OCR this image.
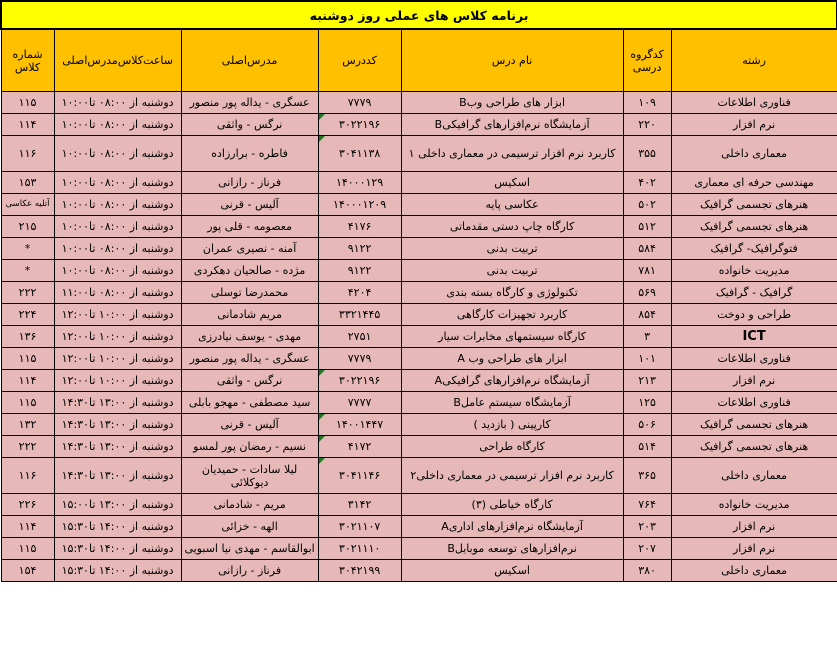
برنامه کلاس های عملی روز دوشنبه						
رشته	کدگروه درسی	نام درس	کددرس	مدرس‌اصلی	ساعت‌کلاس‌مدرس‌اصلی	شماره کلاس
فناوری اطلاعات	۱۰۹	ابزار های طراحی وبB	۷۷۷۹	عسگری - یداله پور منصور	دوشنبه از ۰۸:۰۰ تا۱۰:۰۰	۱۱۵
نرم افزار	۲۲۰	آزمایشگاه نرم‌افزارهای گرافیکیB	۳۰۲۲۱۹۶	نرگس - واثقی	دوشنبه از ۰۸:۰۰ تا۱۰:۰۰	۱۱۴
معماری داخلی	۳۵۵	کاربرد نرم افزار ترسیمی در معماری داخلی ۱	۳۰۴۱۱۳۸	فاطره - برارزاده	دوشنبه از ۰۸:۰۰ تا۱۰:۰۰	۱۱۶
مهندسی حرفه ای معماری	۴۰۲	اسکیس	۱۴۰۰۰۱۲۹	فرناز - رازانی	دوشنبه از ۰۸:۰۰ تا۱۰:۰۰	۱۵۳
هنرهای تجسمی گرافیک	۵۰۲	عکاسی پایه	۱۴۰۰۰۱۲۰۹	آلیس - قرنی	دوشنبه از ۰۸:۰۰ تا۱۰:۰۰	آتلیه عکاسی
هنرهای تجسمی گرافیک	۵۱۲	کارگاه چاپ دستی مقدماتی	۴۱۷۶	معصومه - قلی پور	دوشنبه از ۰۸:۰۰ تا۱۰:۰۰	۲۱۵
فتوگرافیک- گرافیک	۵۸۴	تربیت بدنی	۹۱۲۲	آمنه - نصیری عمران	دوشنبه از ۰۸:۰۰ تا۱۰:۰۰	*
مدیریت خانواده	۷۸۱	تربیت بدنی	۹۱۲۲	مژده - صالحیان دهکردی	دوشنبه از ۰۸:۰۰ تا۱۰:۰۰	*
گرافیک - گرافیک	۵۶۹	تکنولوژی و کارگاه بسته بندی	۴۲۰۴	محمدرضا توسلی	دوشنبه از ۰۸:۰۰ تا۱۱:۰۰	۲۲۲
طراحی و دوخت	۸۵۴	کاربرد تجهیزات کارگاهی	۳۳۲۱۴۴۵	مریم شادمانی	دوشنبه از ۱۰:۰۰ تا۱۲:۰۰	۲۲۴
ICT	۳	کارگاه سیستمهای مخابرات سیار	۲۷۵۱	مهدی - یوسف نیادرزی	دوشنبه از ۱۰:۰۰ تا۱۲:۰۰	۱۳۶
فناوری اطلاعات	۱۰۱	ابزار های طراحی وب A	۷۷۷۹	عسگری - یداله پور منصور	دوشنبه از ۱۰:۰۰ تا۱۲:۰۰	۱۱۵
نرم افزار	۲۱۳	آزمایشگاه نرم‌افزارهای گرافیکیA	۳۰۲۲۱۹۶	نرگس - واثقی	دوشنبه از ۱۰:۰۰ تا۱۲:۰۰	۱۱۴
فناوری اطلاعات	۱۲۵	آزمایشگاه سیستم عاملB	۷۷۷۷	سید مصطفی - مهجو بابلی	دوشنبه از ۱۳:۰۰ تا۱۴:۳۰	۱۱۵
هنرهای تجسمی گرافیک	۵۰۶	کارپینی ( بازدید )	۱۴۰۰۱۴۴۷	آلیس - قرنی	دوشنبه از ۱۳:۰۰ تا۱۴:۳۰	۱۳۲
هنرهای تجسمی گرافیک	۵۱۴	کارگاه طراحی	۴۱۷۲	نسیم - رمضان پور لمسو	دوشنبه از ۱۳:۰۰ تا۱۴:۳۰	۲۲۲
معماری داخلی	۳۶۵	کاربرد نرم افزار ترسیمی در معماری داخلی۲	۳۰۴۱۱۴۶	لیلا سادات - حمیدیان دیوکلائی	دوشنبه از ۱۳:۰۰ تا۱۴:۳۰	۱۱۶
مدیریت خانواده	۷۶۴	کارگاه خیاطی (۳)	۳۱۴۲	مریم - شادمانی	دوشنبه از ۱۳:۰۰ تا۱۵:۰۰	۲۲۶
نرم افزار	۲۰۳	آزمایشگاه نرم‌افزارهای اداریA	۳۰۲۱۱۰۷	الهه - خزائی	دوشنبه از ۱۴:۰۰ تا۱۵:۳۰	۱۱۴
نرم افزار	۲۰۷	نرم‌افزارهای توسعه موبایلB	۳۰۲۱۱۱۰	ابوالقاسم - مهدی نیا اسبویی	دوشنبه از ۱۴:۰۰ تا۱۵:۳۰	۱۱۵
معماری داخلی	۳۸۰	اسکیس	۳۰۴۲۱۹۹	فرناز - رازانی	دوشنبه از ۱۴:۰۰ تا۱۵:۳۰	۱۵۴
